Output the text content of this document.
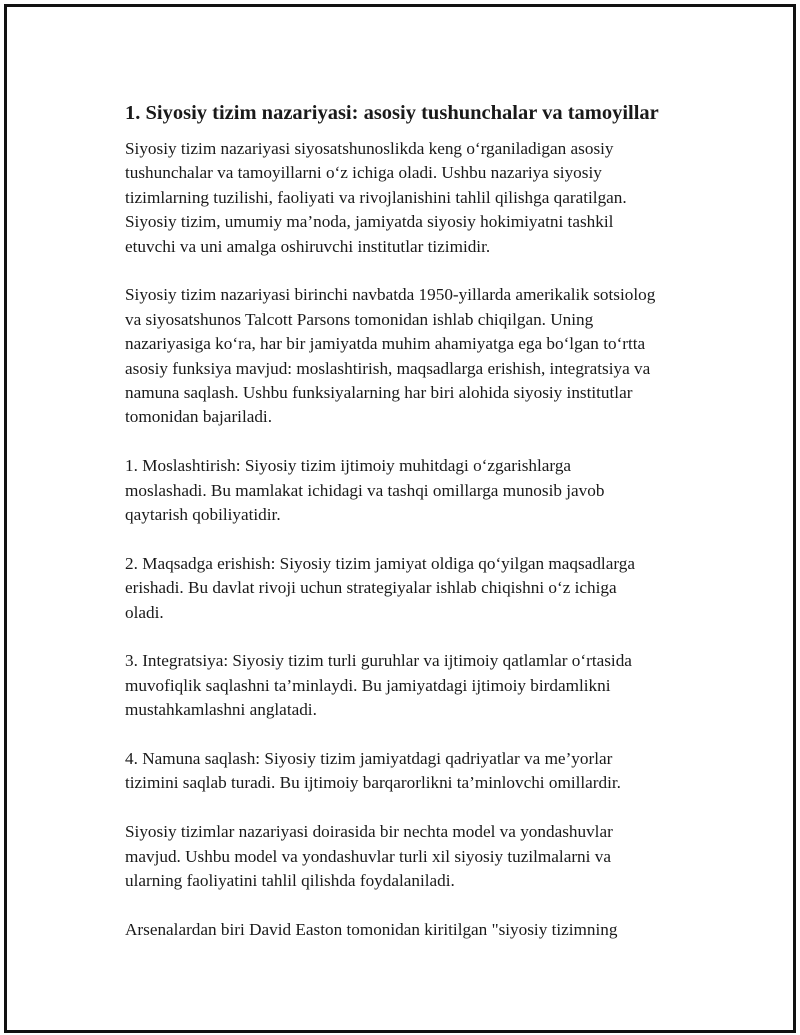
1. Siyosiy tizim nazariyasi: asosiy tushunchalar va tamoyillar

Siyosiy tizim nazariyasi siyosatshunoslikda keng o‘rganiladigan asosiy
tushunchalar va tamoyillarni o‘z ichiga oladi. Ushbu nazariya siyosiy
tizimlarning tuzilishi, faoliyati va rivojlanishini tahlil qilishga qaratilgan.
Siyosiy tizim, umumiy ma’noda, jamiyatda siyosiy hokimiyatni tashkil
etuvchi va uni amalga oshiruvchi institutlar tizimidir.

Siyosiy tizim nazariyasi birinchi navbatda 1950-yillarda amerikalik sotsiolog
va siyosatshunos Talcott Parsons tomonidan ishlab chiqilgan. Uning
nazariyasiga ko‘ra, har bir jamiyatda muhim ahamiyatga ega bo‘lgan to‘rtta
asosiy funksiya mavjud: moslashtirish, maqsadlarga erishish, integratsiya va
namuna saqlash. Ushbu funksiyalarning har biri alohida siyosiy institutlar
tomonidan bajariladi.

1. Moslashtirish: Siyosiy tizim ijtimoiy muhitdagi o‘zgarishlarga
moslashadi. Bu mamlakat ichidagi va tashqi omillarga munosib javob
qaytarish qobiliyatidir.

2. Maqsadga erishish: Siyosiy tizim jamiyat oldiga qo‘yilgan maqsadlarga
erishadi. Bu davlat rivoji uchun strategiyalar ishlab chiqishni o‘z ichiga
oladi.

3. Integratsiya: Siyosiy tizim turli guruhlar va ijtimoiy qatlamlar o‘rtasida
muvofiqlik saqlashni ta’minlaydi. Bu jamiyatdagi ijtimoiy birdamlikni
mustahkamlashni anglatadi.

4. Namuna saqlash: Siyosiy tizim jamiyatdagi qadriyatlar va me’yorlar
tizimini saqlab turadi. Bu ijtimoiy barqarorlikni ta’minlovchi omillardir.

Siyosiy tizimlar nazariyasi doirasida bir nechta model va yondashuvlar
mavjud. Ushbu model va yondashuvlar turli xil siyosiy tuzilmalarni va
ularning faoliyatini tahlil qilishda foydalaniladi.

Arsenalardan biri David Easton tomonidan kiritilgan "siyosiy tizimning
